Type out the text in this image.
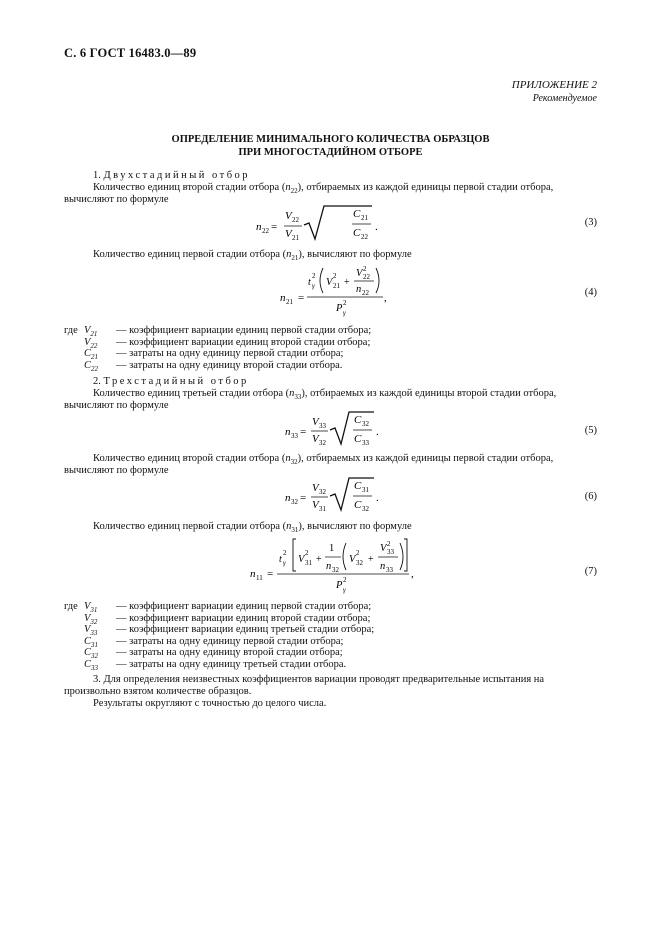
С. 6 ГОСТ 16483.0—89
ПРИЛОЖЕНИЕ 2
Рекомендуемое
ОПРЕДЕЛЕНИЕ МИНИМАЛЬНОГО КОЛИЧЕСТВА ОБРАЗЦОВ
ПРИ МНОГОСТАДИЙНОМ ОТБОРЕ

1. Двухстадийный отбор

Количество единиц второй стадии отбора $(n_{22})$, отбираемых из каждой единицы первой стадии отбора,

вычисляют по формуле

n 22 =
V 22
V 21
C 21
C 22
.	(3)

Количество единиц первой стадии отбора $(n_{21})$, вычисляют по формуле

n 21 =
t
2
γ V
2
21 +
V 2
22
n 22
P 2
γ
,	(4)
где $V_{21}$	— коэффициент вариации единиц первой стадии отбора;
$V_{22}$	— коэффициент вариации единиц второй стадии отбора;
$C_{21}$	— затраты на одну единицу первой стадии отбора;
$C_{22}$	— затраты на одну единицу второй стадии отбора.

2. Трехстадийный отбор

Количество единиц третьей стадии отбора $(n_{33})$, отбираемых из каждой единицы второй стадии отбора,

вычисляют по формуле

n 33 =
V 33
V 32
C 32
C 33
.	(5)

Количество единиц второй стадии отбора $(n_{32})$, отбираемых из каждой единицы первой стадии отбора,

вычисляют по формуле

n 32 =
V 32
V 31
C 31
C 32
.	(6)

Количество единиц первой стадии отбора $(n_{31})$, вычисляют по формуле

n 11 =
t
2
γ V
2
31 +
1
n 32
V
2
32 +
V 2
33
n 33
P 2
γ
,	(7)
где $V_{31}$	— коэффициент вариации единиц первой стадии отбора;
$V_{32}$	— коэффициент вариации единиц второй стадии отбора;
$V_{33}$	— коэффициент вариации единиц третьей стадии отбора;
$C_{31}$	— затраты на одну единицу первой стадии отбора;
$C_{32}$	— затраты на одну единицу второй стадии отбора;
$C_{33}$	— затраты на одну единицу третьей стадии отбора.

3. Для определения неизвестных коэффициентов вариации проводят предварительные испытания на

произвольно взятом количестве образцов.

Результаты округляют с точностью до целого числа.
